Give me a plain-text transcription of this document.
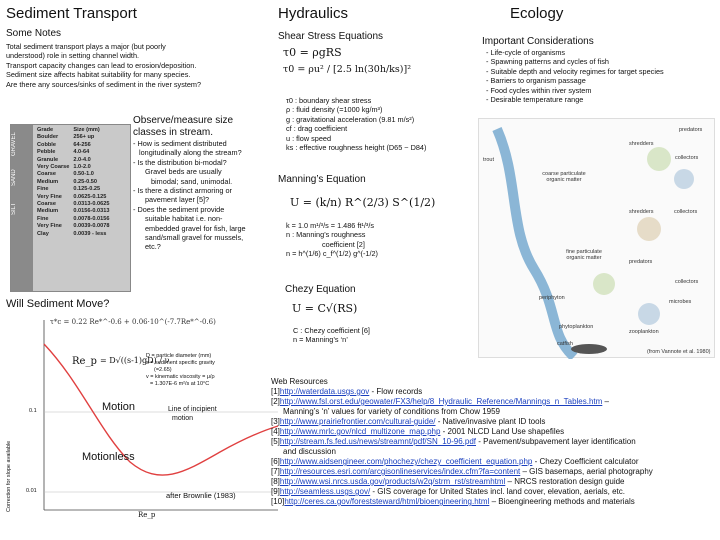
Sediment Transport
Some Notes
Total sediment transport plays a major (but poorly
understood) role in setting channel width.
Transport capacity changes can lead to erosion/deposition.
Sediment size affects habitat suitability for many species.
Are there any sources/sinks of sediment in the river system?
GRAVEL
SAND
SILT
Grade	Size (mm)
Boulder	256+ up
Cobble	64-256
Pebble	4.0-64
Granule	2.0-4.0
Very Coarse	1.0-2.0
Coarse	0.50-1.0
Medium	0.25-0.50
Fine	0.125-0.25
Very Fine	0.0625-0.125
Coarse	0.0313-0.0625
Medium	0.0156-0.0313
Fine	0.0078-0.0156
Very Fine	0.0039-0.0078
Clay	0.0039 - less
Observe/measure size
classes in stream.
- How is sediment distributed
longitudinally along the stream?
- Is the distribution bi-modal?
Gravel beds are usually
bimodal; sand, unimodal.
- Is there a distinct armoring or
pavement layer [5]?
- Does the sediment provide
suitable habitat i.e. non-
embedded gravel for fish, large
sand/small gravel for mussels,
etc.?
Will Sediment Move?
Correction for slope available
τ*c = 0.22 Re*^-0.6 + 0.06·10^(-7.7Re*^-0.6)
Re_p = D√((s-1)gD) / ν
D = particle diameter (mm)
s = sediment specific gravity
(=2.65)
v = kinematic viscosity = μ/ρ
= 1.307E-6 m²/s at 10°C
Motion
Motionless
Line of incipient
motion
0.1
0.01
Re_p
after Brownlie (1983)
Hydraulics
Shear Stress Equations
τ0 = ρgRS
τ0 = ρu² / [2.5 ln(30h/ks)]²
τ0 : boundary shear stress
ρ : fluid density (=1000 kg/m³)
g : gravitational acceleration (9.81 m/s²)
cf : drag coefficient
u : flow speed
ks : effective roughness height (D65 ~ D84)
Manning’s Equation
U = (k/n) R^(2/3) S^(1/2)
k = 1.0 m¹/³/s = 1.486 ft¹/³/s
n : Manning’s roughness
coefficient [2]
n = h^(1/6) c_f^(1/2) g^(-1/2)
Chezy Equation
U = C√(RS)
C : Chezy coefficient [6]
n = Manning’s ‘n’
Ecology
Important Considerations
- Life-cycle of organisms
- Spawning patterns and cycles of fish
- Suitable depth and velocity regimes for target species
- Barriers to organism passage
- Food cycles within river system
- Desirable temperature range
shredders
predators
collectors
trout
coarse particulate organic matter
shredders	collectors
periphyton
predators
collectors
microbes
fine particulate organic matter
phytoplankton
zooplankton
catfish
(from Vannote et al. 1980)
Web Resources
[1]http://waterdata.usgs.gov - Flow records
[2]http://www.fsl.orst.edu/geowater/FX3/help/8_Hydraulic_Reference/Mannings_n_Tables.htm –
Manning’s ‘n’ values for variety of conditions from Chow 1959
[3]http://www.prairiefrontier.com/cultural-guide/ - Native/invasive plant ID tools
[4]http://www.mrlc.gov/nlcd_multizone_map.php - 2001 NLCD Land Use shapefiles
[5]http://stream.fs.fed.us/news/streamnt/pdf/SN_10-96.pdf - Pavement/subpavement layer identification
and discussion
[6]http://www.aidsengineer.com/phochezy/chezy_coefficient_equation.php - Chezy Coefficient calculator
[7]http://resources.esri.com/arcgisonlineservices/index.cfm?fa=content – GIS basemaps, aerial photography
[8]http://www.wsi.nrcs.usda.gov/products/w2q/strm_rst/streamhtml – NRCS restoration design guide
[9]http://seamless.usgs.gov/ - GIS coverage for United States incl. land cover, elevation, aerials, etc.
[10]http://ceres.ca.gov/foreststeward/html/bioengineering.html – Bioengineering methods and materials
